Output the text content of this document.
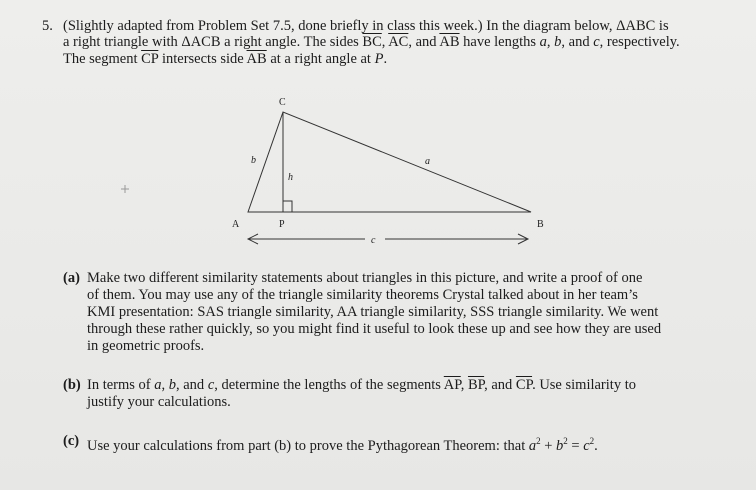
5. (Slightly adapted from Problem Set 7.5, done briefly in class this week.) In the diagram below, ΔABC is
a right triangle with ΔACB a right angle. The sides $\overline{BC}$, $\overline{AC}$, and $\overline{AB}$ have lengths a, b, and c, respectively.
The segment $\overline{CP}$ intersects side $\overline{AB}$ at a right angle at P.
C
A	P	B
b	a
h
c
(a) Make two different similarity statements about triangles in this picture, and write a proof of one
of them. You may use any of the triangle similarity theorems Crystal talked about in her team’s
KMI presentation: SAS triangle similarity, AA triangle similarity, SSS triangle similarity. We went
through these rather quickly, so you might find it useful to look these up and see how they are used
in geometric proofs.
(b) In terms of a, b, and c, determine the lengths of the segments $\overline{AP}$, $\overline{BP}$, and $\overline{CP}$. Use similarity to
justify your calculations.
(c) Use your calculations from part (b) to prove the Pythagorean Theorem: that $a^2 + b^2 = c^2$.
